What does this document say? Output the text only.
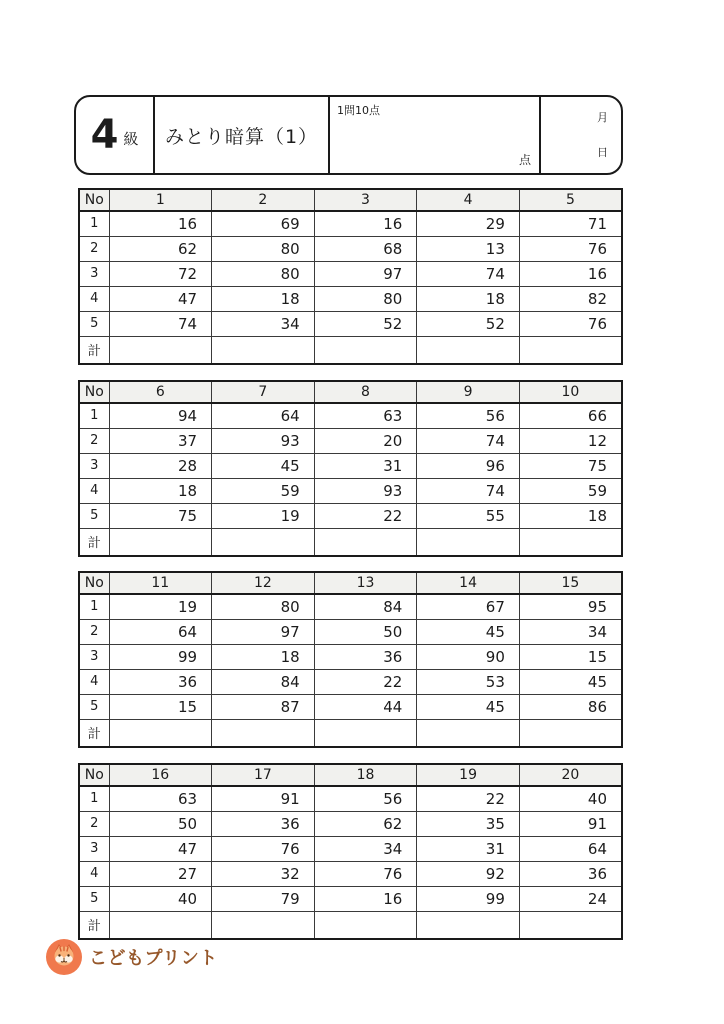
4 級 みとり暗算（1）
1問10点
点
月
日
No	1	2	3	4	5
1	16	69	16	29	71
2	62	80	68	13	76
3	72	80	97	74	16
4	47	18	80	18	82
5	74	34	52	52	76
計					
No	6	7	8	9	10
1	94	64	63	56	66
2	37	93	20	74	12
3	28	45	31	96	75
4	18	59	93	74	59
5	75	19	22	55	18
計					
No	11	12	13	14	15
1	19	80	84	67	95
2	64	97	50	45	34
3	99	18	36	90	15
4	36	84	22	53	45
5	15	87	44	45	86
計					
No	16	17	18	19	20
1	63	91	56	22	40
2	50	36	62	35	91
3	47	76	34	31	64
4	27	32	76	92	36
5	40	79	16	99	24
計					
こどもプリント
